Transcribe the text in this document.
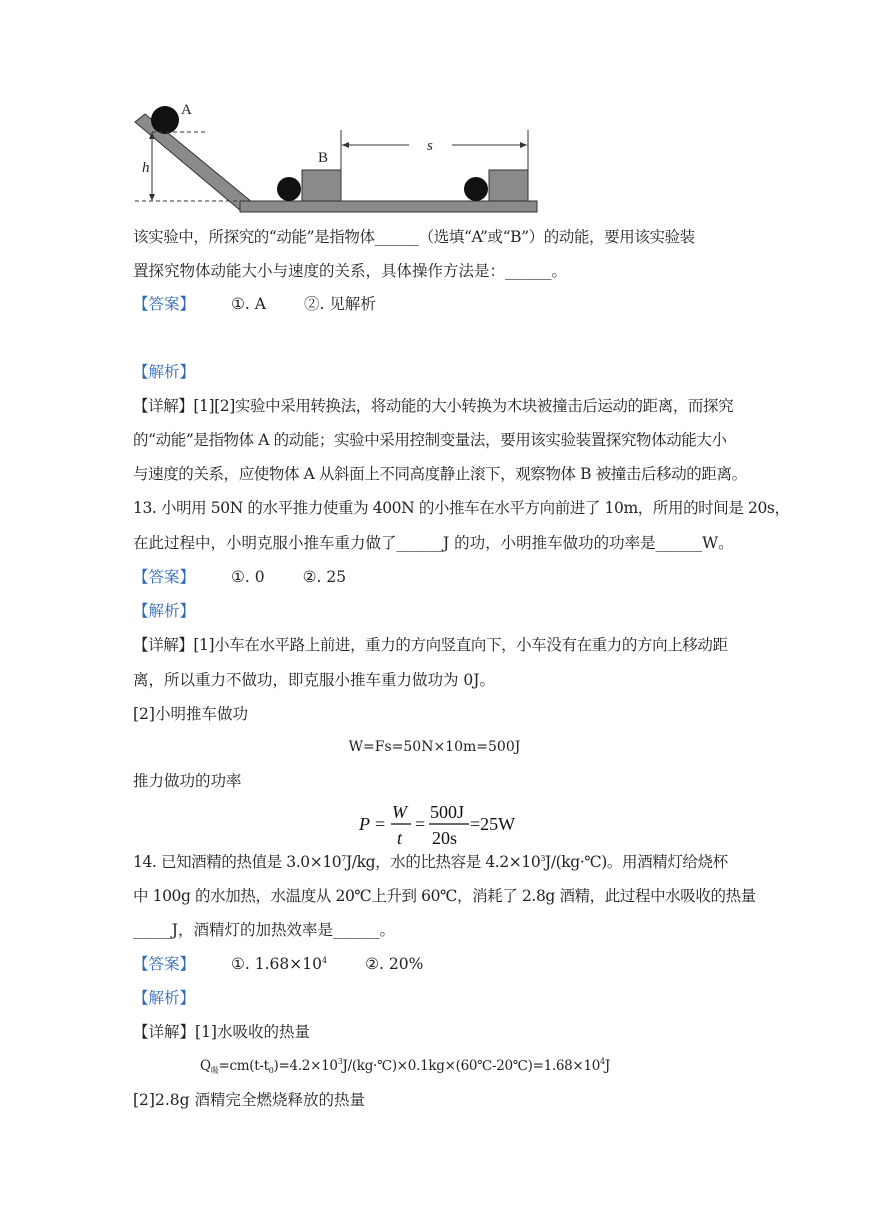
A
h
B
s

该实验中，所探究的“动能”是指物体______（选填“A”或“B”）的动能，要用该实验装

置探究物体动能大小与速度的关系，具体操作方法是：______。

【答案】 ①. A ②. 见解析

【解析】

【详解】[1][2]实验中采用转换法，将动能的大小转换为木块被撞击后运动的距离，而探究

的“动能”是指物体 A 的动能；实验中采用控制变量法，要用该实验装置探究物体动能大小

与速度的关系，应使物体 A 从斜面上不同高度静止滚下，观察物体 B 被撞击后移动的距离。

13. 小明用 50N 的水平推力使重为 400N 的小推车在水平方向前进了 10m，所用的时间是 20s，

在此过程中，小明克服小推车重力做了______J 的功，小明推车做功的功率是______W。

【答案】 ①. 0 ②. 25

【解析】

【详解】[1]小车在水平路上前进，重力的方向竖直向下，小车没有在重力的方向上移动距

离，所以重力不做功，即克服小推车重力做功为 0J。

[2]小明推车做功

W=Fs=50N×10m=500J

推力做功的功率

P =
W
t
=
500J
20s
=25W

14. 已知酒精的热值是 $3.0\times 10^7J/kg$，水的比热容是 $4.2\times 10^3J/(kg\cdot℃)$。用酒精灯给烧杯

中 100g 的水加热，水温度从 20℃上升到 60℃，消耗了 2.8g 酒精，此过程中水吸收的热量

_____J，酒精灯的加热效率是______。

【答案】 ①. $1.68\times 10^4$ ②. 20%

【解析】

【详解】[1]水吸收的热量

$Q_吸=cm(t-t_0)=4.2\times 10^3J/(kg\cdot℃)\times 0.1kg\times(60℃-20℃)=1.68\times 10^4J$

[2]2.8g 酒精完全燃烧释放的热量
